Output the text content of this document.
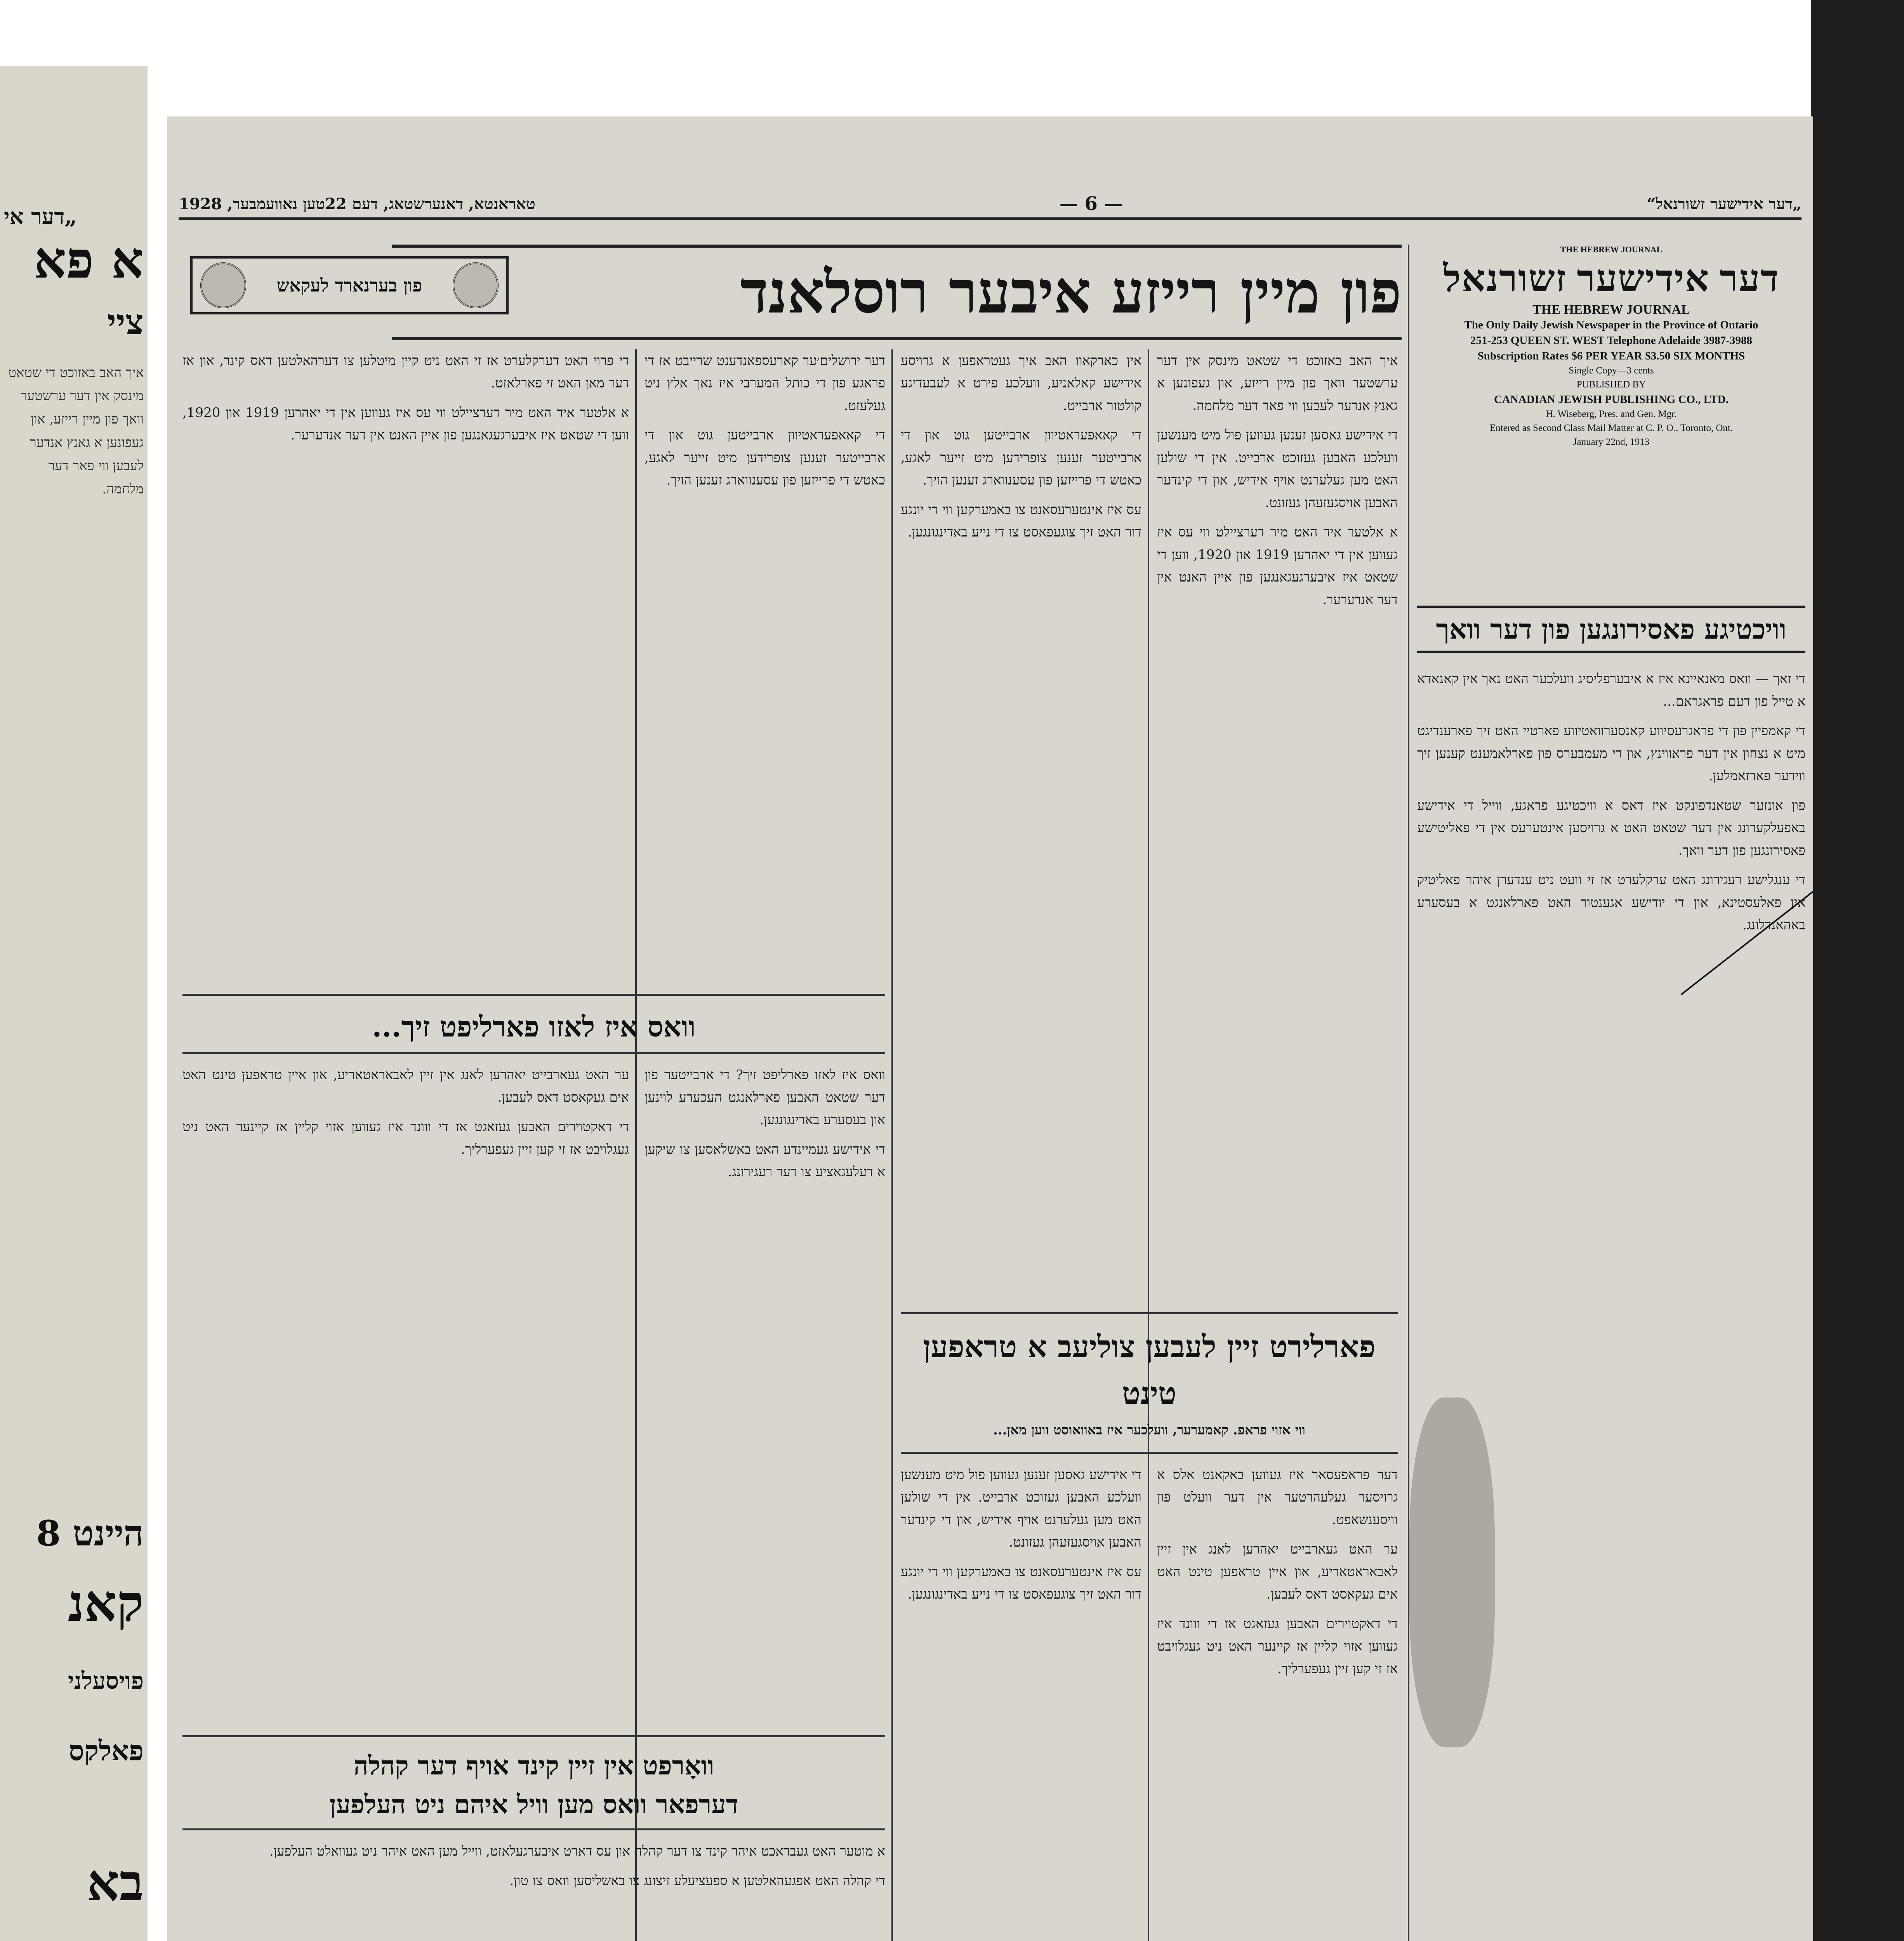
„דער אי
א פא
ציי
איך האב באזוכט די שטאט מינסק אין דער ערשטער וואך פון מיין רייזע, און געפונען א גאנץ אנדער לעבען ווי פאר דער מלחמה.
היינט 8
קאנ
פויסעלני
פאלקס
בא
„דער אידישער זשורנאל“
— 6 —
טאראנטא, דאנערשטאג, דעם 22טען נאוועמבער, 1928
THE HEBREW JOURNAL
דער אידישער זשורנאל
THE HEBREW JOURNAL
The Only Daily Jewish Newspaper in the Province of Ontario
251-253 QUEEN ST. WEST Telephone Adelaide 3987-3988
Subscription Rates $6 PER YEAR $3.50 SIX MONTHS
Single Copy—3 cents
PUBLISHED BY
CANADIAN JEWISH PUBLISHING CO., LTD.
H. Wiseberg, Pres. and Gen. Mgr.
Entered as Second Class Mail Matter at C. P. O., Toronto, Ont.
January 22nd, 1913
פון מיין רייזע איבער רוסלאנד
פון בערנארד לעקאש
וויכטיגע פאסירונגען פון דער וואך

די זאך — וואס מאנאיינא איז א איבערפליסיג וועלכער האט נאך אין קאנאדא א טייל פון דעם פראגראם...

די קאמפיין פון די פראגרעסיווע קאנסערוואטיווע פארטיי האט זיך פארענדיגט מיט א נצחון אין דער פראווינץ, און די מעמבערס פון פארלאמענט קענען זיך ווידער פארזאמלען.

פון אונזער שטאנדפונקט איז דאס א וויכטיגע פראגע, ווייל די אידישע באפעלקערונג אין דער שטאט האט א גרויסען אינטערעס אין די פאליטישע פאסירונגען פון דער וואך.

די ענגלישע רעגירונג האט ערקלערט אז זי וועט ניט ענדערן איהר פאליטיק אין פאלעסטינא, און די יודישע אגענטור האט פארלאנגט א בעסערע באהאנדלונג.

איך האב באזוכט די שטאט מינסק אין דער ערשטער וואך פון מיין רייזע, און געפונען א גאנץ אנדער לעבען ווי פאר דער מלחמה.

די אידישע גאסען זענען געווען פול מיט מענשען וועלכע האבען געזוכט ארבייט. אין די שולען האט מען געלערנט אויף אידיש, און די קינדער האבען אויסגעזעהן געזונט.

א אלטער איד האט מיר דערציילט ווי עס איז געווען אין די יאהרען 1919 און 1920, ווען די שטאט איז איבערגעגאנגען פון איין האנט אין דער אנדערער.

אין כארקאוו האב איך געטראפען א גרויסע אידישע קאלאניע, וועלכע פירט א לעבעדיגע קולטור ארבייט.

די קאאפעראטיוון ארבייטען גוט און די ארבייטער זענען צופרידען מיט זייער לאגע, כאטש די פרייזען פון עסענווארג זענען הויך.

עס איז אינטערעסאנט צו באמערקען ווי די יונגע דור האט זיך צוגעפאסט צו די נייע באדינגונגען.

פארלירט זיין לעבען צוליעב א טראפען טינט
ווי אזוי פראפ. קאמערער, וועלכער איז באוואוסט ווען מאן...

דער פראפעסאר איז געווען באקאנט אלס א גרויסער געלעהרטער אין דער וועלט פון וויסענשאפט.

ער האט געארבייט יאהרען לאנג אין זיין לאבאראטאריע, און איין טראפען טינט האט אים געקאסט דאס לעבען.

די דאקטוירים האבען געזאגט אז די ווונד איז געווען אזוי קליין אז קיינער האט ניט געגלויבט אז זי קען זיין געפערליך.

די אידישע גאסען זענען געווען פול מיט מענשען וועלכע האבען געזוכט ארבייט. אין די שולען האט מען געלערנט אויף אידיש, און די קינדער האבען אויסגעזעהן געזונט.

עס איז אינטערעסאנט צו באמערקען ווי די יונגע דור האט זיך צוגעפאסט צו די נייע באדינגונגען.

דער ירושלים׳ער קארעספאנדענט שרייבט אז די פראגע פון די כותל המערבי איז נאך אלץ ניט געלעזט.

די קאאפעראטיוון ארבייטען גוט און די ארבייטער זענען צופרידען מיט זייער לאגע, כאטש די פרייזען פון עסענווארג זענען הויך.

די פרוי האט דערקלערט אז זי האט ניט קיין מיטלען צו דערהאלטען דאס קינד, און אז דער מאן האט זי פארלאזט.

א אלטער איד האט מיר דערציילט ווי עס איז געווען אין די יאהרען 1919 און 1920, ווען די שטאט איז איבערגעגאנגען פון איין האנט אין דער אנדערער.

וואס איז לאזו פארליפט זיך...

וואס איז לאזו פארליפט זיך? די ארבייטער פון דער שטאט האבען פארלאנגט העכערע לוינען און בעסערע באדינגונגען.

די אידישע געמיינדע האט באשלאסען צו שיקען א דעלעגאציע צו דער רעגירונג.

ער האט געארבייט יאהרען לאנג אין זיין לאבאראטאריע, און איין טראפען טינט האט אים געקאסט דאס לעבען.

די דאקטוירים האבען געזאגט אז די ווונד איז געווען אזוי קליין אז קיינער האט ניט געגלויבט אז זי קען זיין געפערליך.

וואָרפט אין זיין קינד אויף דער קהלה
דערפאר וואס מען וויל איהם ניט העלפען

א מוטער האט געבראכט איהר קינד צו דער קהלה און עס דארט איבערגעלאזט, ווייל מען האט איהר ניט געוואלט העלפען.

די קהלה האט אפגעהאלטען א ספעציעלע זיצונג צו באשליסען וואס צו טון.
